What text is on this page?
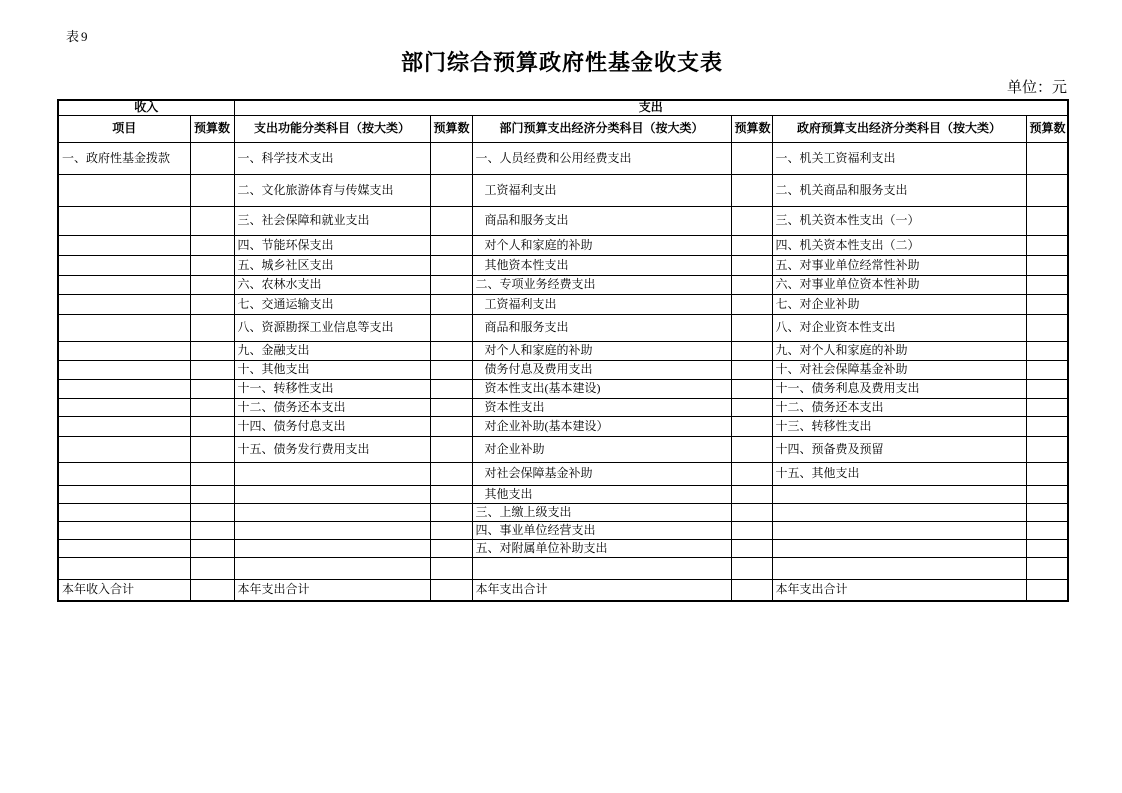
表9
部门综合预算政府性基金收支表
单位：元
收入		支出					
项目	预算数	支出功能分类科目（按大类）	预算数	部门预算支出经济分类科目（按大类）	预算数	政府预算支出经济分类科目（按大类）	预算数
一、政府性基金拨款		一、科学技术支出		一、人员经费和公用经费支出		一、机关工资福利支出	
		二、文化旅游体育与传媒支出		工资福利支出		二、机关商品和服务支出	
		三、社会保障和就业支出		商品和服务支出		三、机关资本性支出（一）	
		四、节能环保支出		对个人和家庭的补助		四、机关资本性支出（二）	
		五、城乡社区支出		其他资本性支出		五、对事业单位经常性补助	
		六、农林水支出		二、专项业务经费支出		六、对事业单位资本性补助	
		七、交通运输支出		工资福利支出		七、对企业补助	
		八、资源勘探工业信息等支出		商品和服务支出		八、对企业资本性支出	
		九、金融支出		对个人和家庭的补助		九、对个人和家庭的补助	
		十、其他支出		债务付息及费用支出		十、对社会保障基金补助	
		十一、转移性支出		资本性支出(基本建设)		十一、债务利息及费用支出	
		十二、债务还本支出		资本性支出		十二、债务还本支出	
		十四、债务付息支出		对企业补助(基本建设）		十三、转移性支出	
		十五、债务发行费用支出		对企业补助		十四、预备费及预留	
				对社会保障基金补助		十五、其他支出	
				其他支出			
				三、上缴上级支出			
				四、事业单位经营支出			
				五、对附属单位补助支出			

本年收入合计		本年支出合计		本年支出合计		本年支出合计	
